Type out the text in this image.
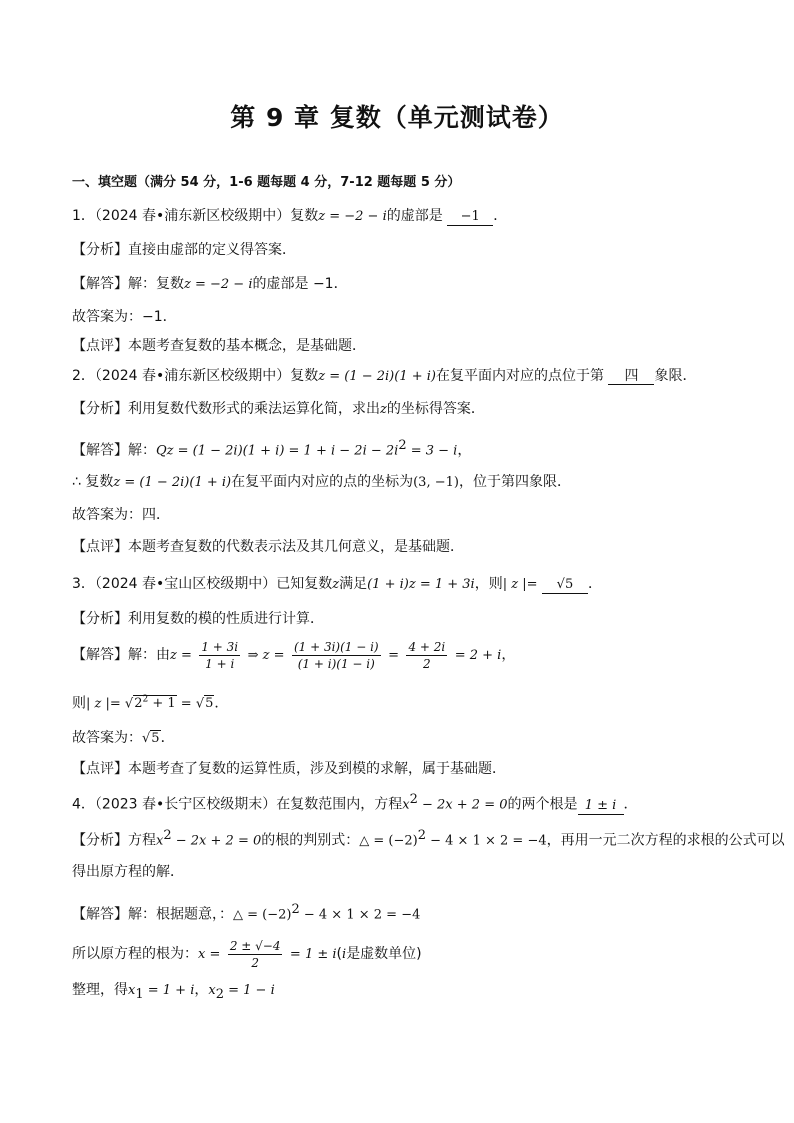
第 9 章 复数（单元测试卷）
一、填空题（满分 54 分，1-6 题每题 4 分，7-12 题每题 5 分）
1．（2024 春•浦东新区校级期中）复数z = −2 − i的虚部是 −1 ．
【分析】直接由虚部的定义得答案．
【解答】解：复数z = −2 − i的虚部是 −1．
故答案为：−1．
【点评】本题考查复数的基本概念，是基础题．
2．（2024 春•浦东新区校级期中）复数z = (1 − 2i)(1 + i)在复平面内对应的点位于第 四 象限．
【分析】利用复数代数形式的乘法运算化简，求出z的坐标得答案．
【解答】解：$Qz = (1 - 2i)(1 + i) = 1 + i - 2i - 2i^2 = 3 - i$，
∴ 复数z = (1 − 2i)(1 + i)在复平面内对应的点的坐标为(3, −1)，位于第四象限．
故答案为：四．
【点评】本题考查复数的代数表示法及其几何意义，是基础题．
3．（2024 春•宝山区校级期中）已知复数z满足(1 + i)z = 1 + 3i，则| z |= √5 ．
【分析】利用复数的模的性质进行计算．
【解答】解：由$z = \frac{1 + 3i}{1 + i}$ ⇒ $z = \frac{(1 + 3i)(1 - i)}{(1 + i)(1 - i)} = \frac{4 + 2i}{2} = 2 + i$，
则| z |= $√2^2 + 1 = √5$．
故答案为：√5．
【点评】本题考查了复数的运算性质，涉及到模的求解，属于基础题．
4．（2023 春•长宁区校级期末）在复数范围内，方程$x^2 - 2x + 2 = 0$的两个根是 1 ± i ．
【分析】方程$x^2 - 2x + 2 = 0$的根的判别式：△ = $(-2)^2 - 4 \times 1 \times 2 = -4$，再用一元二次方程的求根的公式可以
得出原方程的解．
【解答】解：根据题意，：△ = $(-2)^2 - 4 \times 1 \times 2 = -4$
所以原方程的根为：$x = \frac{2 \pm √-4}{2} = 1 \pm i(i$是虚数单位)
整理，得$x_1 = 1 + i$，$x_2 = 1 - i$
